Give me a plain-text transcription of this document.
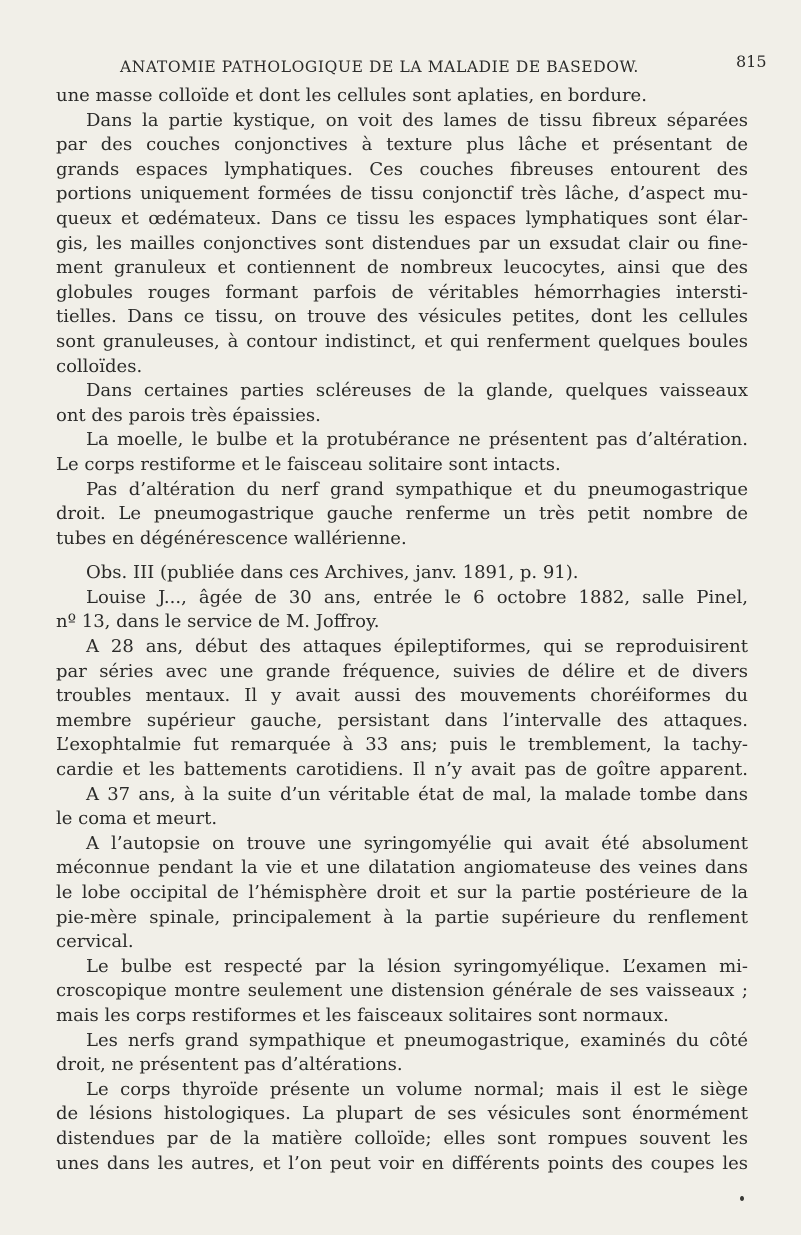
ANATOMIE PATHOLOGIQUE DE LA MALADIE DE BASEDOW.	815
une masse colloïde et dont les cellules sont aplaties, en bordure.
Dans la partie kystique, on voit des lames de tissu fibreux séparées
par des couches conjonctives à texture plus lâche et présentant de
grands espaces lymphatiques. Ces couches fibreuses entourent des
portions uniquement formées de tissu conjonctif très lâche, d’aspect mu-
queux et œdémateux. Dans ce tissu les espaces lymphatiques sont élar-
gis, les mailles conjonctives sont distendues par un exsudat clair ou fine-
ment granuleux et contiennent de nombreux leucocytes, ainsi que des
globules rouges formant parfois de véritables hémorrhagies intersti-
tielles. Dans ce tissu, on trouve des vésicules petites, dont les cellules
sont granuleuses, à contour indistinct, et qui renferment quelques boules
colloïdes.
Dans certaines parties scléreuses de la glande, quelques vaisseaux
ont des parois très épaissies.
La moelle, le bulbe et la protubérance ne présentent pas d’altération.
Le corps restiforme et le faisceau solitaire sont intacts.
Pas d’altération du nerf grand sympathique et du pneumogastrique
droit. Le pneumogastrique gauche renferme un très petit nombre de
tubes en dégénérescence wallérienne.
Obs. III (publiée dans ces Archives, janv. 1891, p. 91).
Louise J..., âgée de 30 ans, entrée le 6 octobre 1882, salle Pinel,
nº 13, dans le service de M. Joffroy.
A 28 ans, début des attaques épileptiformes, qui se reproduisirent
par séries avec une grande fréquence, suivies de délire et de divers
troubles mentaux. Il y avait aussi des mouvements choréiformes du
membre supérieur gauche, persistant dans l’intervalle des attaques.
L’exophtalmie fut remarquée à 33 ans; puis le tremblement, la tachy-
cardie et les battements carotidiens. Il n’y avait pas de goître apparent.
A 37 ans, à la suite d’un véritable état de mal, la malade tombe dans
le coma et meurt.
A l’autopsie on trouve une syringomyélie qui avait été absolument
méconnue pendant la vie et une dilatation angiomateuse des veines dans
le lobe occipital de l’hémisphère droit et sur la partie postérieure de la
pie-mère spinale, principalement à la partie supérieure du renflement
cervical.
Le bulbe est respecté par la lésion syringomyélique. L’examen mi-
croscopique montre seulement une distension générale de ses vaisseaux ;
mais les corps restiformes et les faisceaux solitaires sont normaux.
Les nerfs grand sympathique et pneumogastrique, examinés du côté
droit, ne présentent pas d’altérations.
Le corps thyroïde présente un volume normal; mais il est le siège
de lésions histologiques. La plupart de ses vésicules sont énormément
distendues par de la matière colloïde; elles sont rompues souvent les
unes dans les autres, et l’on peut voir en différents points des coupes les
